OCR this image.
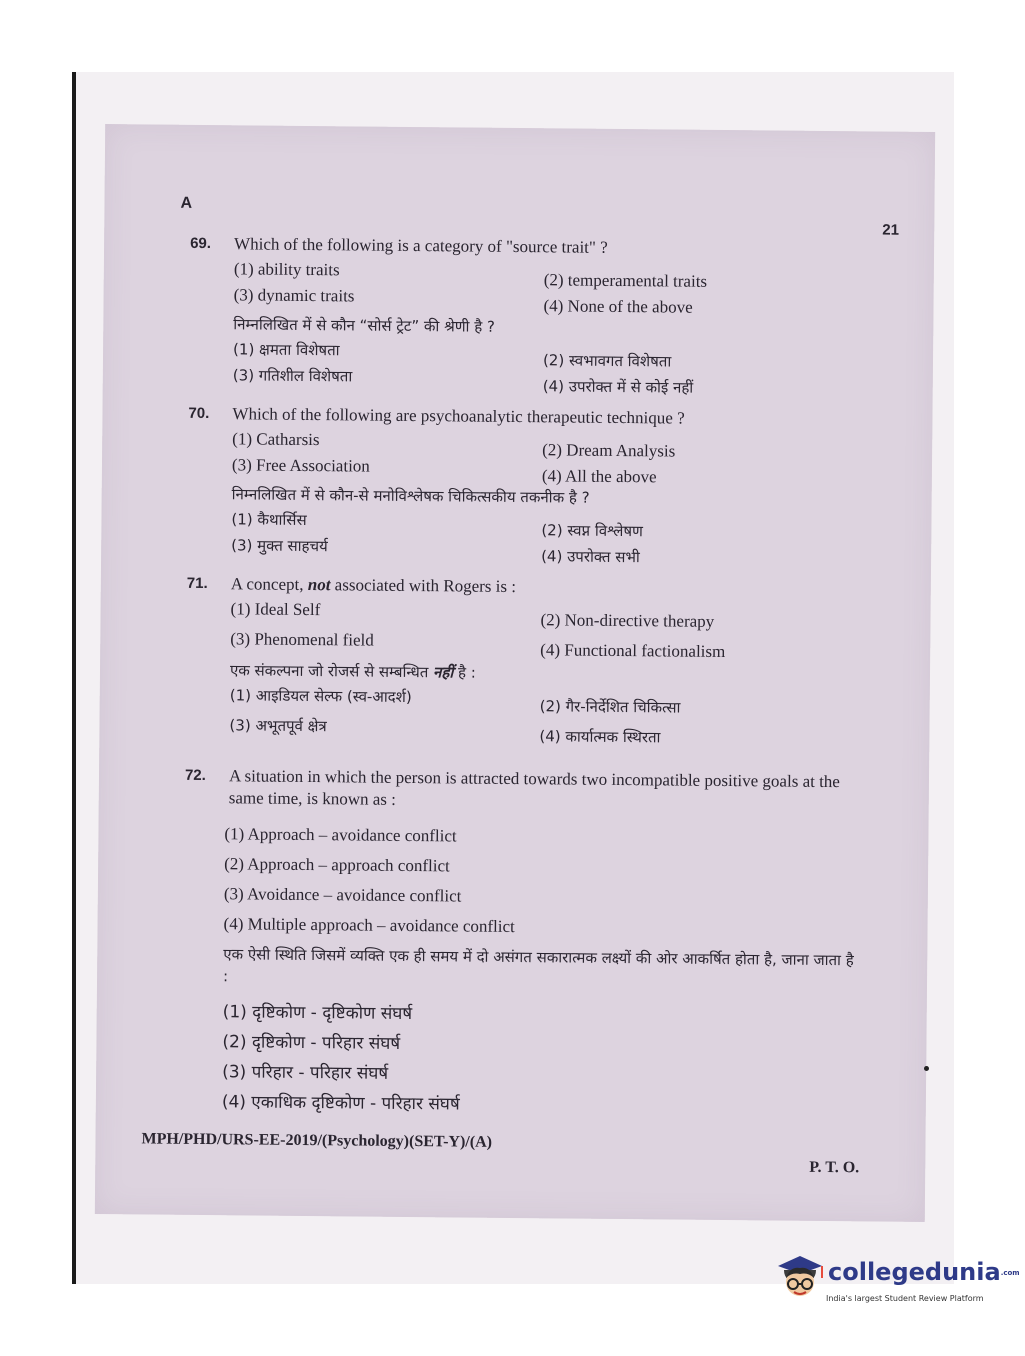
A
21
69. Which of the following is a category of "source trait" ?
(1) ability traits
(2) temperamental traits
(3) dynamic traits
(4) None of the above
निम्नलिखित में से कौन “सोर्स ट्रेट” की श्रेणी है ?
(1) क्षमता विशेषता
(2) स्वभावगत विशेषता
(3) गतिशील विशेषता
(4) उपरोक्त में से कोई नहीं
70. Which of the following are psychoanalytic therapeutic technique ?
(1) Catharsis
(2) Dream Analysis
(3) Free Association
(4) All the above
निम्नलिखित में से कौन-से मनोविश्लेषक चिकित्सकीय तकनीक है ?
(1) कैथार्सिस
(2) स्वप्न विश्लेषण
(3) मुक्त साहचर्य
(4) उपरोक्त सभी
71. A concept, not associated with Rogers is :
(1) Ideal Self
(2) Non-directive therapy
(3) Phenomenal field
(4) Functional factionalism
एक संकल्पना जो रोजर्स से सम्बन्धित नहीं है :
(1) आइडियल सेल्फ (स्व-आदर्श)
(2) गैर-निर्देशित चिकित्सा
(3) अभूतपूर्व क्षेत्र
(4) कार्यात्मक स्थिरता
72. A situation in which the person is attracted towards two incompatible positive goals at the same time, is known as :
(1) Approach – avoidance conflict
(2) Approach – approach conflict
(3) Avoidance – avoidance conflict
(4) Multiple approach – avoidance conflict
एक ऐसी स्थिति जिसमें व्यक्ति एक ही समय में दो असंगत सकारात्मक लक्ष्यों की ओर आकर्षित होता है, जाना जाता है :
(1) दृष्टिकोण - दृष्टिकोण संघर्ष
(2) दृष्टिकोण - परिहार संघर्ष
(3) परिहार - परिहार संघर्ष
(4) एकाधिक दृष्टिकोण - परिहार संघर्ष
MPH/PHD/URS-EE-2019/(Psychology)(SET-Y)/(A)
P. T. O.
collegedunia.com
India's largest Student Review Platform
